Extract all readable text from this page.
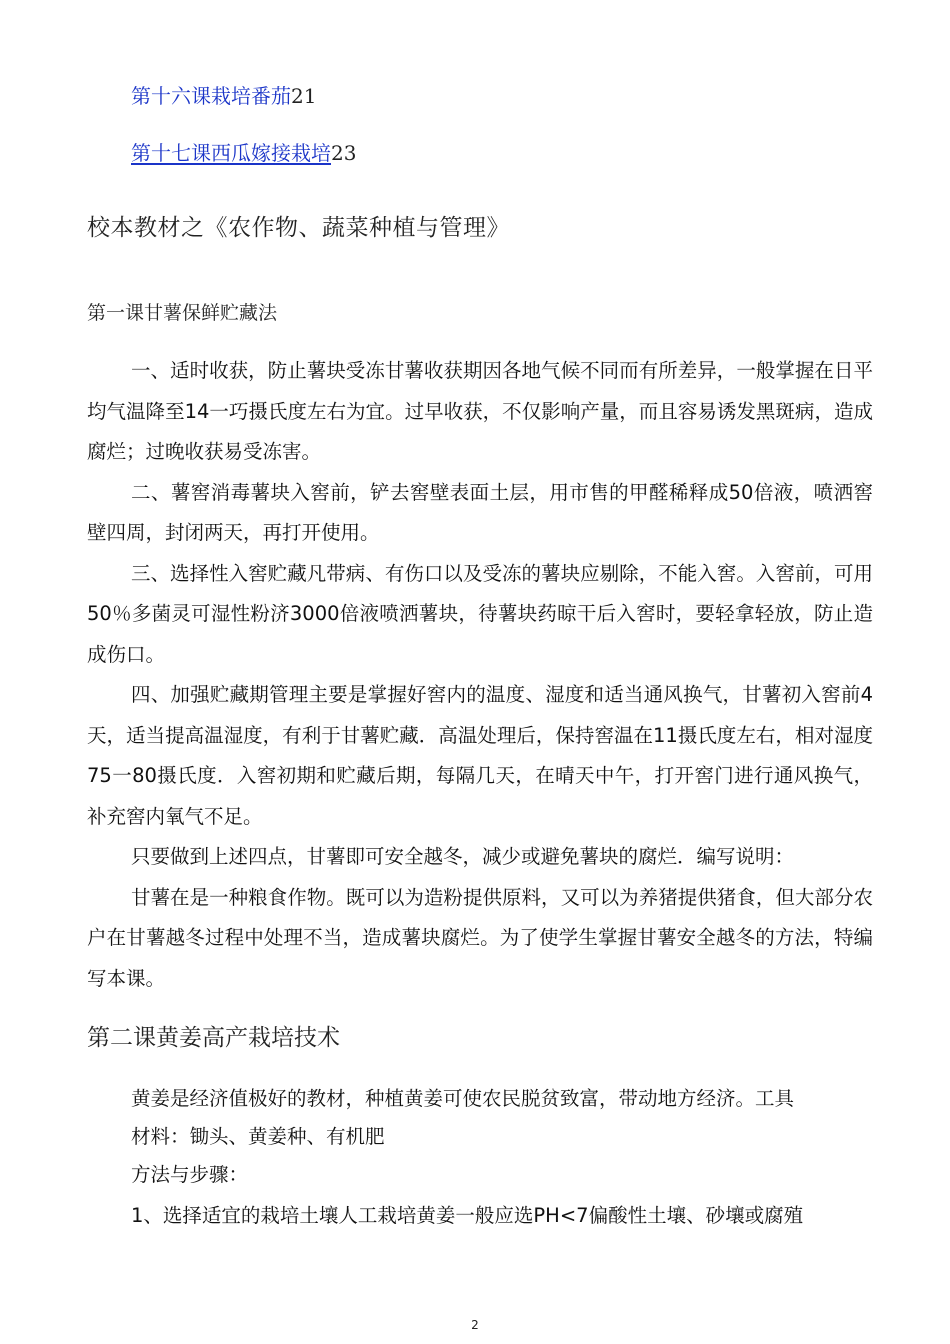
第十六课栽培番茄21
第十七课西瓜嫁接栽培23
校本教材之《农作物、蔬菜种植与管理》
第一课甘薯保鲜贮藏法

一、适时收获，防止薯块受冻甘薯收获期因各地气候不同而有所差异，一般掌握在日平均气温降至14一巧摄氏度左右为宜。过早收获，不仅影响产量，而且容易诱发黑斑病，造成腐烂；过晚收获易受冻害。

二、薯窖消毒薯块入窖前，铲去窖壁表面土层，用市售的甲醛稀释成50倍液，喷洒窖壁四周，封闭两天，再打开使用。

三、选择性入窖贮藏凡带病、有伤口以及受冻的薯块应剔除，不能入窖。入窖前，可用50％多菌灵可湿性粉济3000倍液喷洒薯块，待薯块药晾干后入窖时，要轻拿轻放，防止造成伤口。

四、加强贮藏期管理主要是掌握好窖内的温度、湿度和适当通风换气，甘薯初入窖前4天，适当提高温湿度，有利于甘薯贮藏．高温处理后，保持窖温在11摄氏度左右，相对湿度75一80摄氏度．入窖初期和贮藏后期，每隔几天，在晴天中午，打开窖门进行通风换气，补充窖内氧气不足。

只要做到上述四点，甘薯即可安全越冬，减少或避免薯块的腐烂．编写说明：

甘薯在是一种粮食作物。既可以为造粉提供原料，又可以为养猪提供猪食，但大部分农户在甘薯越冬过程中处理不当，造成薯块腐烂。为了使学生掌握甘薯安全越冬的方法，特编写本课。

第二课黄姜高产栽培技术

黄姜是经济值极好的教材，种植黄姜可使农民脱贫致富，带动地方经济。工具

材料：锄头、黄姜种、有机肥

方法与步骤：

1、选择适宜的栽培土壤人工栽培黄姜一般应选PH<7偏酸性土壤、砂壤或腐殖
2
